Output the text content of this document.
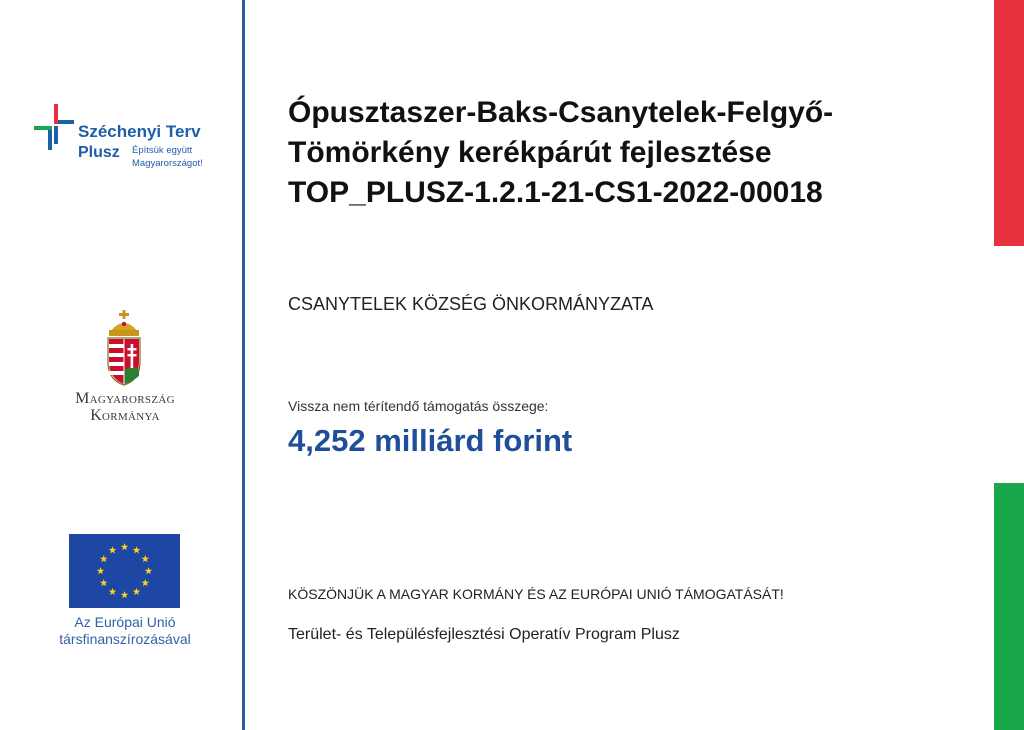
Széchenyi Terv
Plusz Építsük együtt
Magyarországot!
Magyarország
Kormánya
Az Európai Unió
társfinanszírozásával
Ópusztaszer-Baks-Csanytelek-Felgyő-
Tömörkény kerékpárút fejlesztése
TOP_PLUSZ-1.2.1-21-CS1-2022-00018
CSANYTELEK KÖZSÉG ÖNKORMÁNYZATA
Vissza nem térítendő támogatás összege:
4,252 milliárd forint
KÖSZÖNJÜK A MAGYAR KORMÁNY ÉS AZ EURÓPAI UNIÓ TÁMOGATÁSÁT!
Terület- és Településfejlesztési Operatív Program Plusz
